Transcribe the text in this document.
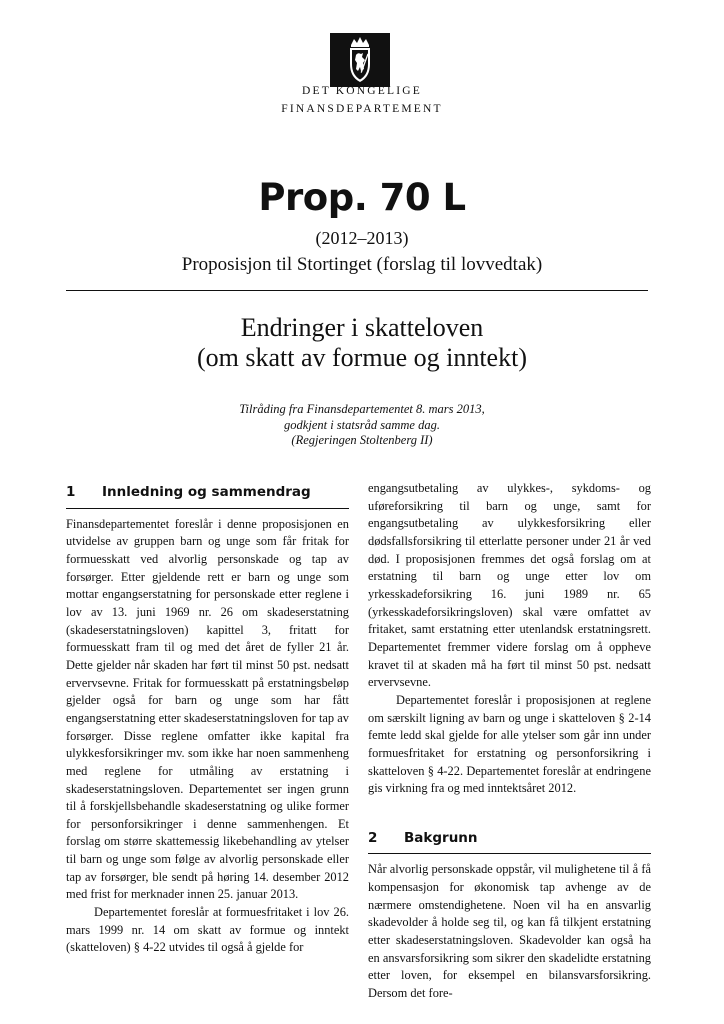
DET KONGELIGE
FINANSDEPARTEMENT
Prop. 70 L
(2012–2013)
Proposisjon til Stortinget (forslag til lovvedtak)
Endringer i skatteloven
(om skatt av formue og inntekt)
Tilråding fra Finansdepartementet 8. mars 2013,
godkjent i statsråd samme dag.
(Regjeringen Stoltenberg II)
1	Innledning og sammendrag

Finansdepartementet foreslår i denne proposisjonen en utvidelse av gruppen barn og unge som får fritak for formuesskatt ved alvorlig personskade og tap av forsørger. Etter gjeldende rett er barn og unge som mottar engangserstatning for personskade etter reglene i lov av 13. juni 1969 nr. 26 om skadeserstatning (skadeserstatningsloven) kapittel 3, fritatt for formuesskatt fram til og med det året de fyller 21 år. Dette gjelder når skaden har ført til minst 50 pst. nedsatt ervervsevne. Fritak for formuesskatt på erstatningsbeløp gjelder også for barn og unge som har fått engangserstatning etter skadeserstatningsloven for tap av forsørger. Disse reglene omfatter ikke kapital fra ulykkesforsikringer mv. som ikke har noen sammenheng med reglene for utmåling av erstatning i skadeserstatningsloven. Departementet ser ingen grunn til å forskjellsbehandle skadeserstatning og ulike former for personforsikringer i denne sammenhengen. Et forslag om større skattemessig likebehandling av ytelser til barn og unge som følge av alvorlig personskade eller tap av forsørger, ble sendt på høring 14. desember 2012 med frist for merknader innen 25. januar 2013.

Departementet foreslår at formuesfritaket i lov 26. mars 1999 nr. 14 om skatt av formue og inntekt (skatteloven) § 4-22 utvides til også å gjelde for

engangsutbetaling av ulykkes-, sykdoms- og uføreforsikring til barn og unge, samt for engangsutbetaling av ulykkesforsikring eller dødsfallsforsikring til etterlatte personer under 21 år ved død. I proposisjonen fremmes det også forslag om at erstatning til barn og unge etter lov om yrkesskadeforsikring 16. juni 1989 nr. 65 (yrkesskadeforsikringsloven) skal være omfattet av fritaket, samt erstatning etter utenlandsk erstatningsrett. Departementet fremmer videre forslag om å oppheve kravet til at skaden må ha ført til minst 50 pst. nedsatt ervervsevne.

Departementet foreslår i proposisjonen at reglene om særskilt ligning av barn og unge i skatteloven § 2-14 femte ledd skal gjelde for alle ytelser som går inn under formuesfritaket for erstatning og personforsikring i skatteloven § 4-22. Departementet foreslår at endringene gis virkning fra og med inntektsåret 2012.

2	Bakgrunn

Når alvorlig personskade oppstår, vil mulighetene til å få kompensasjon for økonomisk tap avhenge av de nærmere omstendighetene. Noen vil ha en ansvarlig skadevolder å holde seg til, og kan få tilkjent erstatning etter skadeserstatningsloven. Skadevolder kan også ha en ansvarsforsikring som sikrer den skadelidte erstatning etter loven, for eksempel en bilansvarsforsikring. Dersom det fore-
